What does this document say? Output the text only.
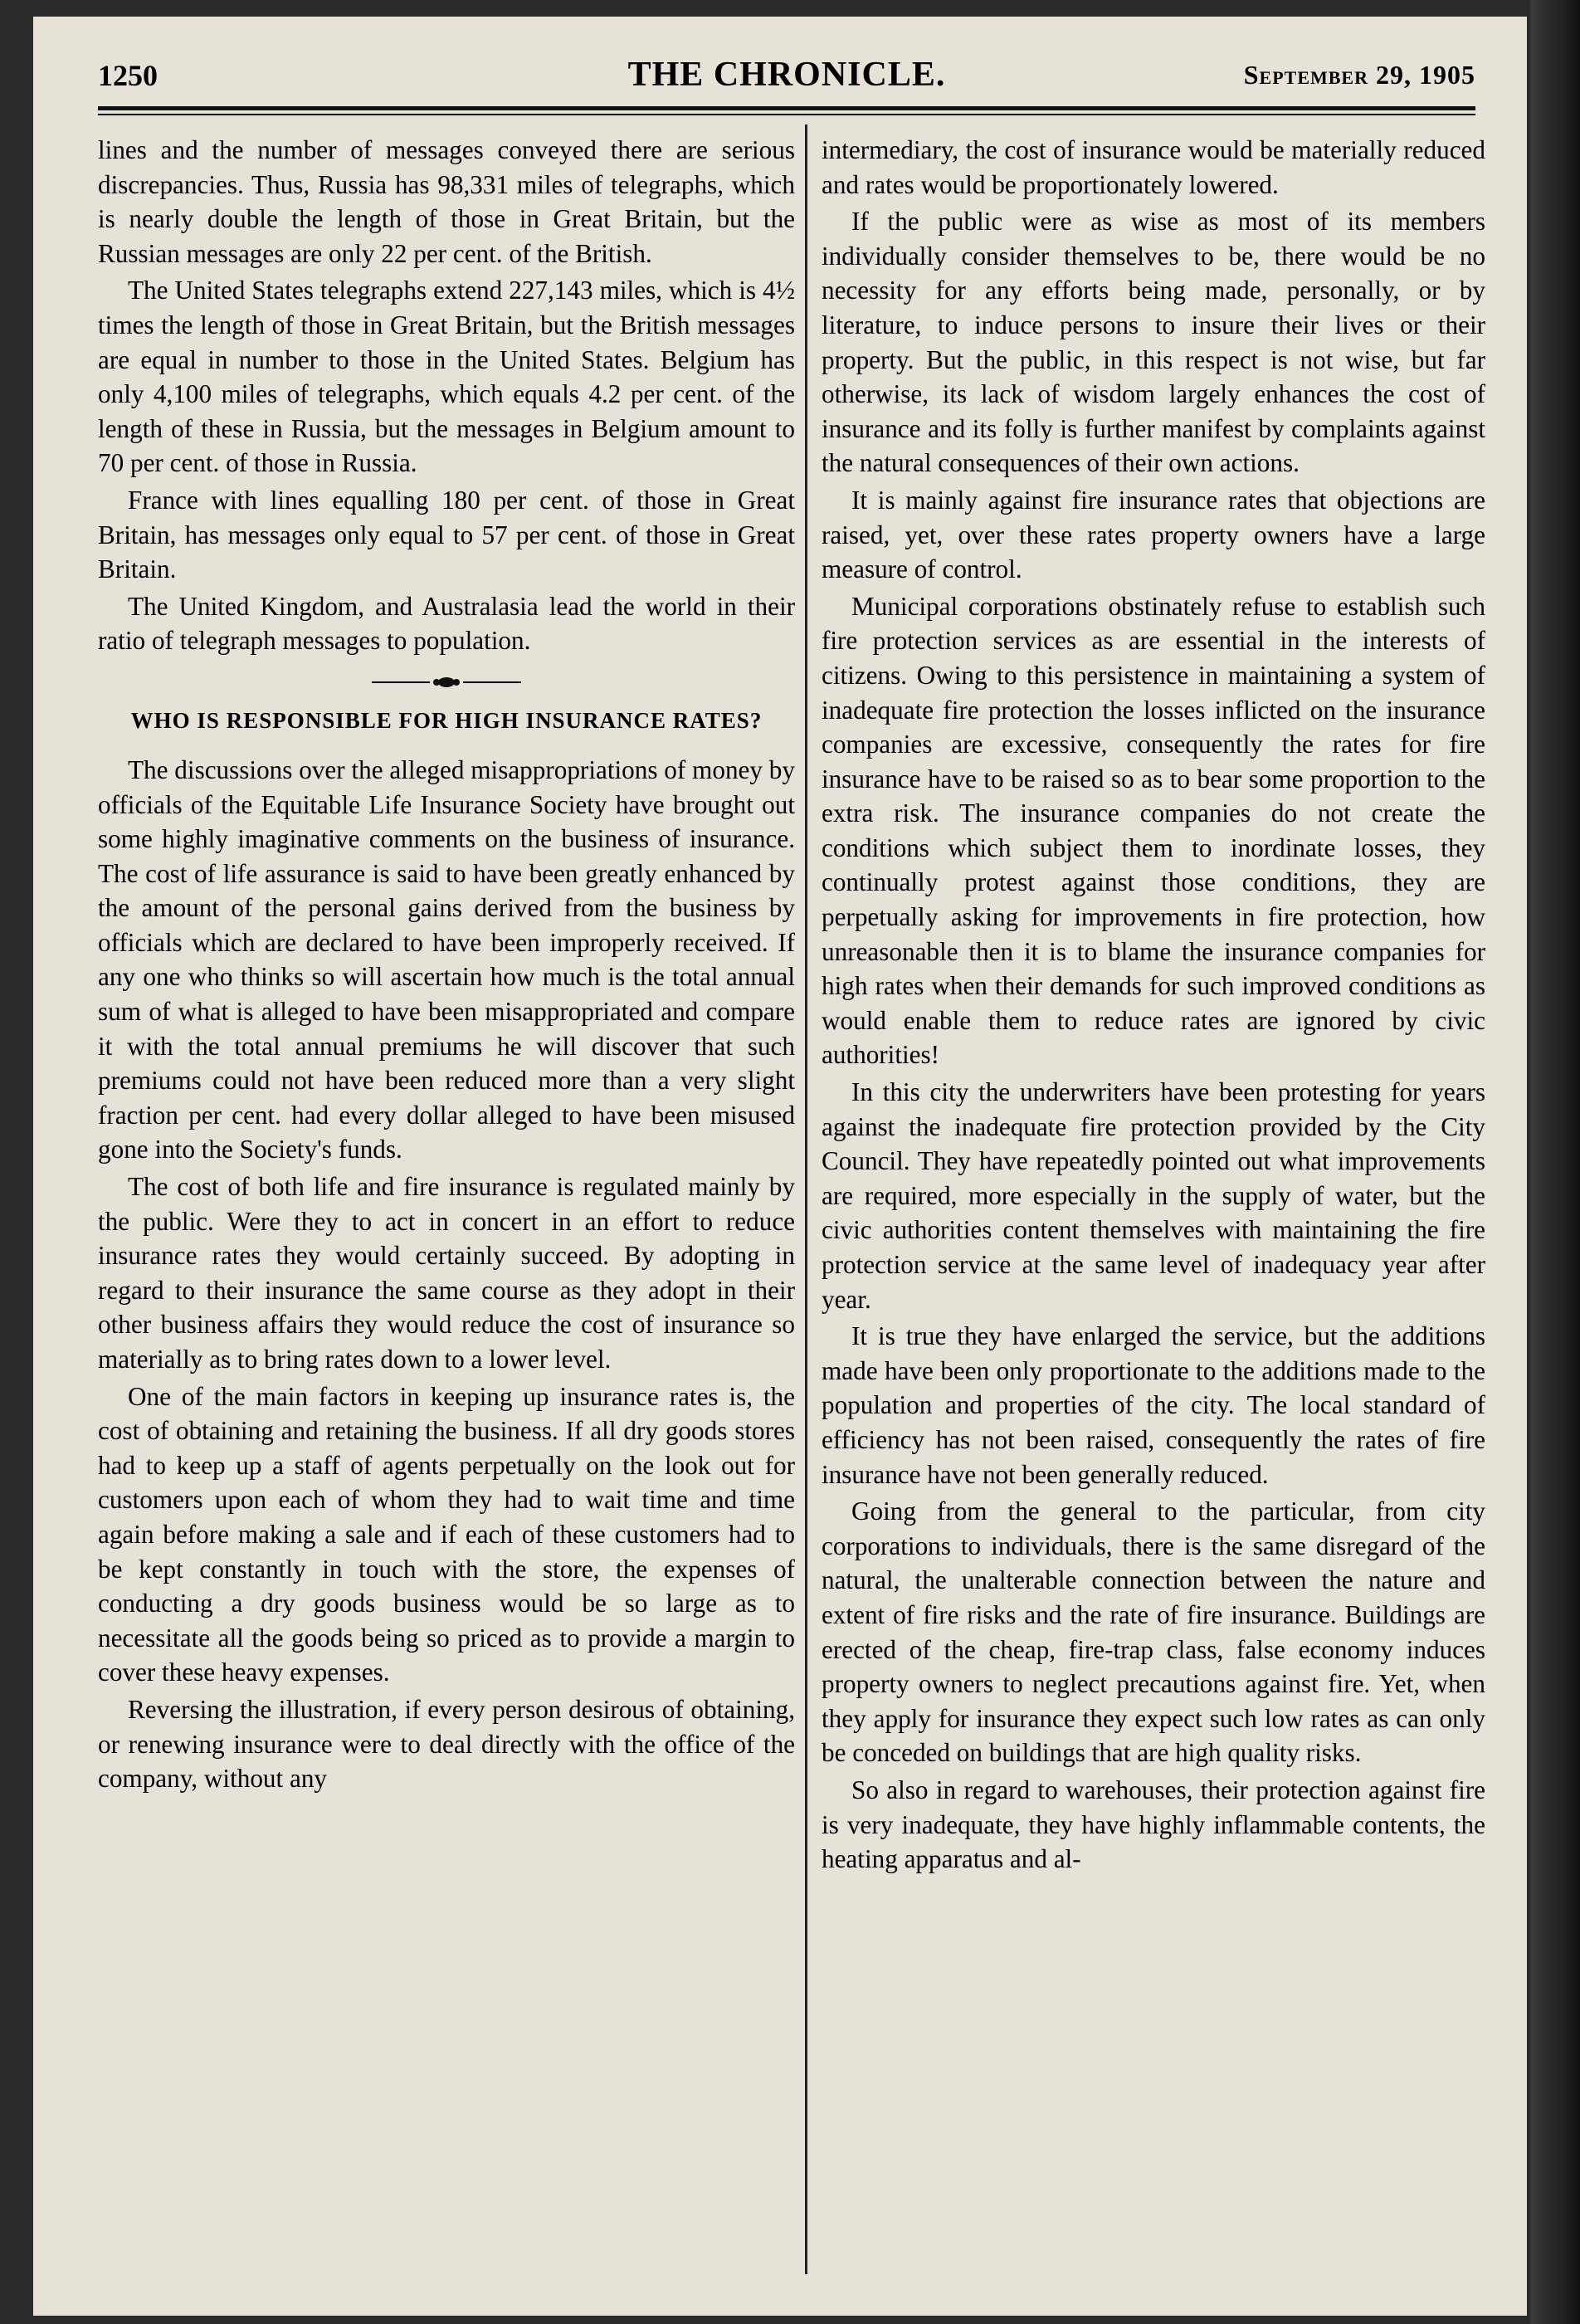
1250	THE CHRONICLE.	September 29, 1905

lines and the number of messages conveyed there are serious discrepancies. Thus, Russia has 98,331 miles of telegraphs, which is nearly double the length of those in Great Britain, but the Russian messages are only 22 per cent. of the British.

The United States telegraphs extend 227,143 miles, which is 4½ times the length of those in Great Britain, but the British messages are equal in number to those in the United States. Belgium has only 4,100 miles of telegraphs, which equals 4.2 per cent. of the length of these in Russia, but the messages in Belgium amount to 70 per cent. of those in Russia.

France with lines equalling 180 per cent. of those in Great Britain, has messages only equal to 57 per cent. of those in Great Britain.

The United Kingdom, and Australasia lead the world in their ratio of telegraph messages to population.

WHO IS RESPONSIBLE FOR HIGH INSURANCE RATES?

The discussions over the alleged misappropriations of money by officials of the Equitable Life Insurance Society have brought out some highly imaginative comments on the business of insurance. The cost of life assurance is said to have been greatly enhanced by the amount of the personal gains derived from the business by officials which are declared to have been improperly received. If any one who thinks so will ascertain how much is the total annual sum of what is alleged to have been misappropriated and compare it with the total annual premiums he will discover that such premiums could not have been reduced more than a very slight fraction per cent. had every dollar alleged to have been misused gone into the Society's funds.

The cost of both life and fire insurance is regulated mainly by the public. Were they to act in concert in an effort to reduce insurance rates they would certainly succeed. By adopting in regard to their insurance the same course as they adopt in their other business affairs they would reduce the cost of insurance so materially as to bring rates down to a lower level.

One of the main factors in keeping up insurance rates is, the cost of obtaining and retaining the business. If all dry goods stores had to keep up a staff of agents perpetually on the look out for customers upon each of whom they had to wait time and time again before making a sale and if each of these customers had to be kept constantly in touch with the store, the expenses of conducting a dry goods business would be so large as to necessitate all the goods being so priced as to provide a margin to cover these heavy expenses.

Reversing the illustration, if every person desirous of obtaining, or renewing insurance were to deal directly with the office of the company, without any

intermediary, the cost of insurance would be materially reduced and rates would be proportionately lowered.

If the public were as wise as most of its members individually consider themselves to be, there would be no necessity for any efforts being made, personally, or by literature, to induce persons to insure their lives or their property. But the public, in this respect is not wise, but far otherwise, its lack of wisdom largely enhances the cost of insurance and its folly is further manifest by complaints against the natural consequences of their own actions.

It is mainly against fire insurance rates that objections are raised, yet, over these rates property owners have a large measure of control.

Municipal corporations obstinately refuse to establish such fire protection services as are essential in the interests of citizens. Owing to this persistence in maintaining a system of inadequate fire protection the losses inflicted on the insurance companies are excessive, consequently the rates for fire insurance have to be raised so as to bear some proportion to the extra risk. The insurance companies do not create the conditions which subject them to inordinate losses, they continually protest against those conditions, they are perpetually asking for improvements in fire protection, how unreasonable then it is to blame the insurance companies for high rates when their demands for such improved conditions as would enable them to reduce rates are ignored by civic authorities!

In this city the underwriters have been protesting for years against the inadequate fire protection provided by the City Council. They have repeatedly pointed out what improvements are required, more especially in the supply of water, but the civic authorities content themselves with maintaining the fire protection service at the same level of inadequacy year after year.

It is true they have enlarged the service, but the additions made have been only proportionate to the additions made to the population and properties of the city. The local standard of efficiency has not been raised, consequently the rates of fire insurance have not been generally reduced.

Going from the general to the particular, from city corporations to individuals, there is the same disregard of the natural, the unalterable connection between the nature and extent of fire risks and the rate of fire insurance. Buildings are erected of the cheap, fire-trap class, false economy induces property owners to neglect precautions against fire. Yet, when they apply for insurance they expect such low rates as can only be conceded on buildings that are high quality risks.

So also in regard to warehouses, their protection against fire is very inadequate, they have highly inflammable contents, the heating apparatus and al-
